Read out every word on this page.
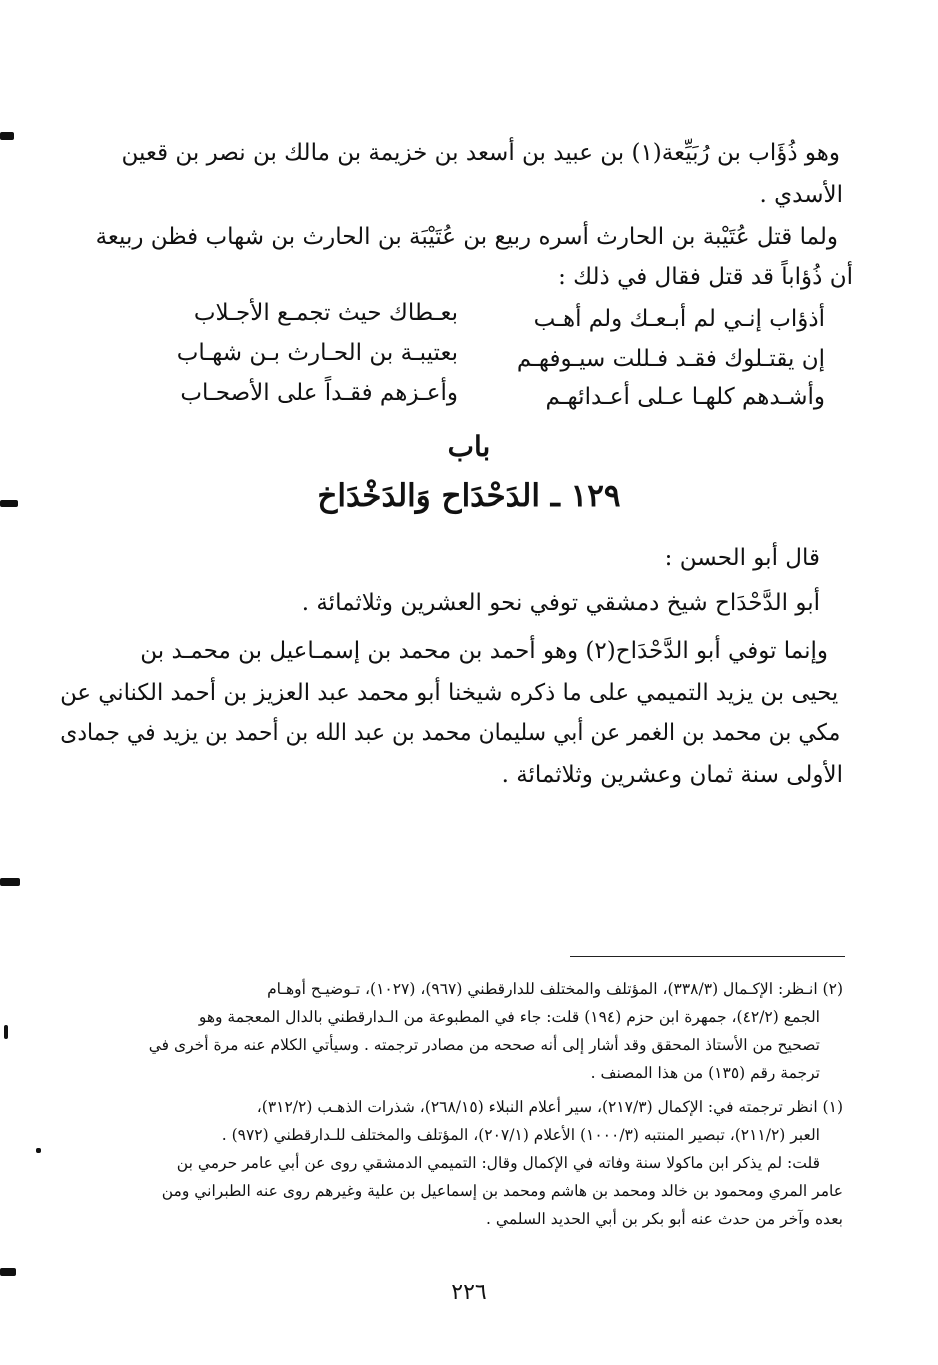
وهو ذُؤَاب بن رُبَيِّعة(١) بن عبيد بن أسعد بن خزيمة بن مالك بن نصر بن قعين
الأسدي .
ولما قتل عُتَيْبة بن الحارث أسره ربيع بن عُتَيْبَة بن الحارث بن شهاب فظن ربيعة
أن ذُؤاباً قد قتل فقال في ذلك :
أذؤاب إنـي لم أبـعـك ولم أهـب
بعـطاك حيث تجمـع الأجـلاب
إن يقتـلوك فقـد فـللت سيـوفهـم
بعتيبـة بن الحـارث بـن شهـاب
وأشـدهم كلهـا عـلى أعـدائهـم
وأعـزهم فقـداً على الأصحـاب
باب
١٢٩ ـ الدَحْدَاح وَالدَخْدَاخ
قال أبو الحسن :
أبو الدَّحْدَاح شيخ دمشقي توفي نحو العشرين وثلاثمائة .
وإنما توفي أبو الدَّحْدَاح(٢) وهو أحمد بن محمد بن إسمـاعيل بن محمـد بن
يحيى بن يزيد التميمي على ما ذكره شيخنا أبو محمد عبد العزيز بن أحمد الكناني عن
مكي بن محمد بن الغمر عن أبي سليمان محمد بن عبد الله بن أحمد بن يزيد في جمادى
الأولى سنة ثمان وعشرين وثلاثمائة .
(٢) انـظر: الإكـمال (٣٣٨/٣)، المؤتلف والمختلف للدارقطني (٩٦٧)، (١٠٢٧)، تـوضيـح أوهـام
الجمع (٤٢/٢)، جمهرة ابن حزم (١٩٤) قلت: جاء في المطبوعة من الـدارقطني بالدال المعجمة وهو
تصحيح من الأستاذ المحقق وقد أشار إلى أنه صححه من مصادر ترجمته . وسيأتي الكلام عنه مرة أخرى في
ترجمة رقم (١٣٥) من هذا المصنف .
(١) انظر ترجمته في: الإكمال (٢١٧/٣)، سير أعلام النبلاء (٢٦٨/١٥)، شذرات الذهـب (٣١٢/٢)،
العبر (٢١١/٢)، تبصير المنتبه (١٠٠٠/٣) الأعلام (٢٠٧/١)، المؤتلف والمختلف للـدارقطني (٩٧٢) .
قلت: لم يذكر ابن ماكولا سنة وفاته في الإكمال وقال: التميمي الدمشقي روى عن أبي عامر حرمي بن
عامر المري ومحمود بن خالد ومحمد بن هاشم ومحمد بن إسماعيل بن علية وغيرهم روى عنه الطبراني ومن
بعده وآخر من حدث عنه أبو بكر بن أبي الحديد السلمي .
٢٢٦
